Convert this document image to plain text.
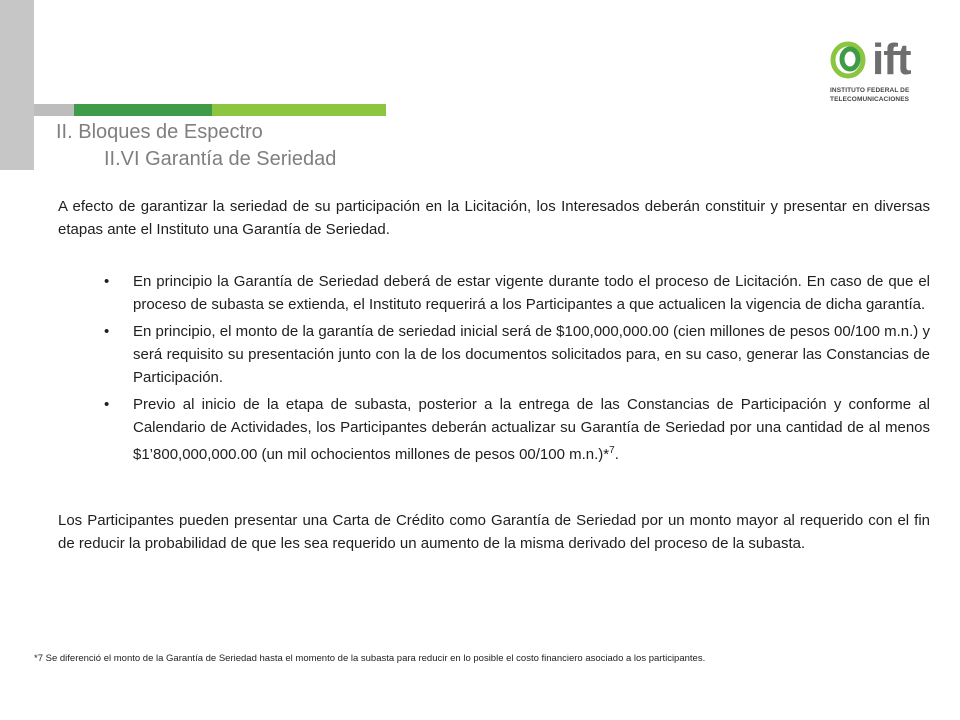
ift
INSTITUTO FEDERAL DE
TELECOMUNICACIONES
II. Bloques de Espectro
II.VI Garantía de Seriedad
A efecto de garantizar la seriedad de su participación en la Licitación, los Interesados deberán constituir y presentar en diversas etapas ante el Instituto una Garantía de Seriedad.
• En principio la Garantía de Seriedad deberá de estar vigente durante todo el proceso de Licitación. En caso de que el proceso de subasta se extienda, el Instituto requerirá a los Participantes a que actualicen la vigencia de dicha garantía.
• En principio, el monto de la garantía de seriedad inicial será de $100,000,000.00 (cien millones de pesos 00/100 m.n.) y será requisito su presentación junto con la de los documentos solicitados para, en su caso, generar las Constancias de Participación.
• Previo al inicio de la etapa de subasta, posterior a la entrega de las Constancias de Participación y conforme al Calendario de Actividades, los Participantes deberán actualizar su Garantía de Seriedad por una cantidad de al menos $1’800,000,000.00 (un mil ochocientos millones de pesos 00/100 m.n.)*$^7$.
Los Participantes pueden presentar una Carta de Crédito como Garantía de Seriedad por un monto mayor al requerido con el fin de reducir la probabilidad de que les sea requerido un aumento de la misma derivado del proceso de la subasta.
*7 Se diferenció el monto de la Garantía de Seriedad hasta el momento de la subasta para reducir en lo posible el costo financiero asociado a los participantes.
